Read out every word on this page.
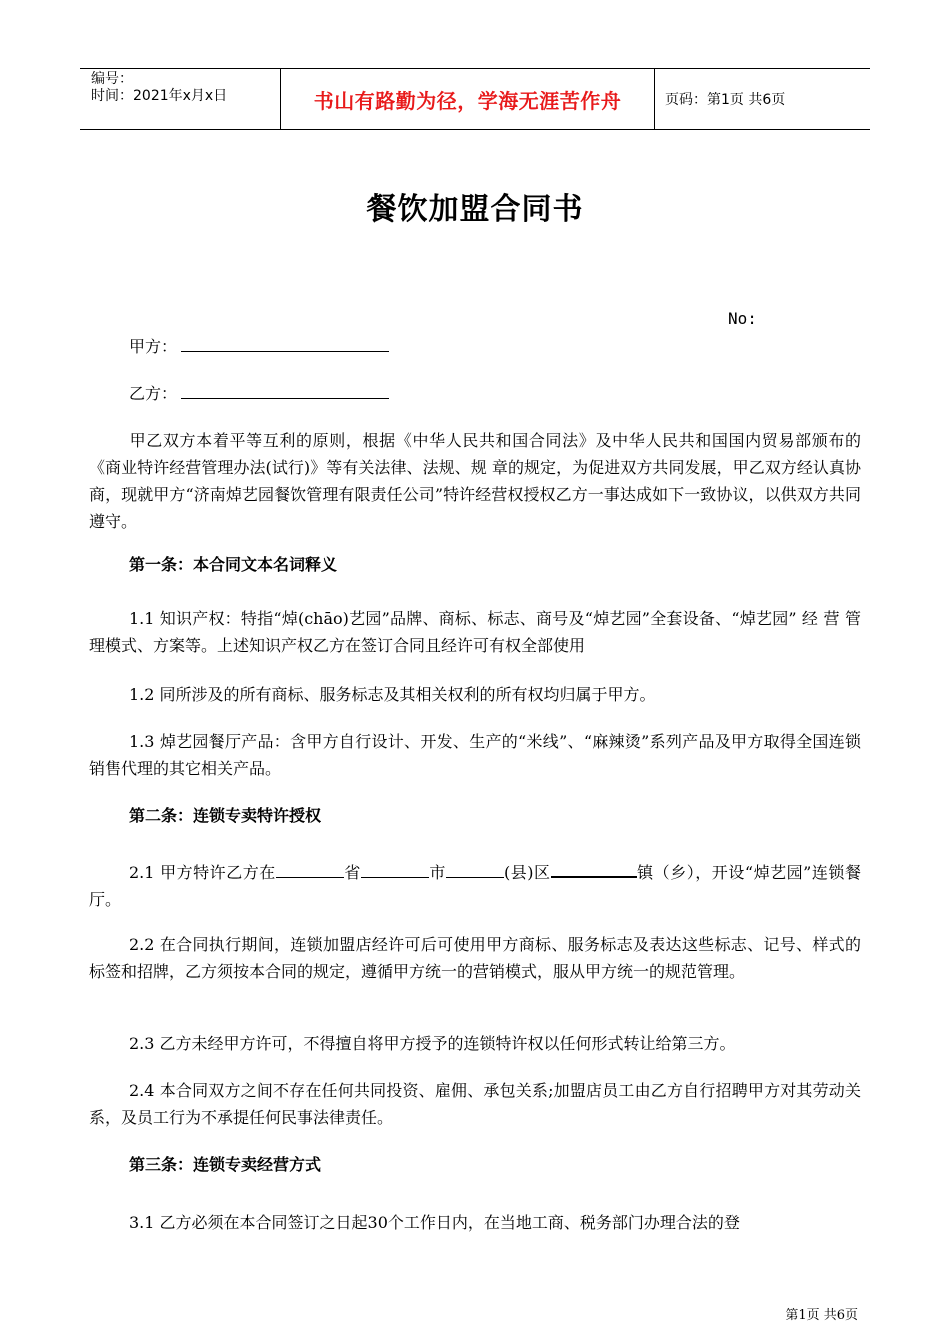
编号：
时间：2021年x月x日	书山有路勤为径，学海无涯苦作舟	页码：第1页 共6页
餐饮加盟合同书
No:
甲方：
乙方：
甲乙双方本着平等互利的原则，根据《中华人民共和国合同法》及中华人民共和国国内贸易部颁布的《商业特许经营管理办法(试行)》等有关法律、法规、规 章的规定，为促进双方共同发展，甲乙双方经认真协商，现就甲方“济南焯艺园餐饮管理有限责任公司”特许经营权授权乙方一事达成如下一致协议，以供双方共同遵守。
第一条：本合同文本名词释义
1.1 知识产权：特指“焯(chāo)艺园”品牌、商标、标志、商号及“焯艺园”全套设备、“焯艺园” 经 营 管理模式、方案等。上述知识产权乙方在签订合同且经许可有权全部使用
1.2 同所涉及的所有商标、服务标志及其相关权利的所有权均归属于甲方。
1.3 焯艺园餐厅产品：含甲方自行设计、开发、生产的“米线”、“麻辣烫”系列产品及甲方取得全国连锁销售代理的其它相关产品。
第二条：连锁专卖特许授权
2.1 甲方特许乙方在	省	市	(县)区	镇（乡），开设“焯艺园”连锁餐厅。
2.2 在合同执行期间，连锁加盟店经许可后可使用甲方商标、服务标志及表达这些标志、记号、样式的标签和招牌，乙方须按本合同的规定，遵循甲方统一的营销模式，服从甲方统一的规范管理。
2.3 乙方未经甲方许可，不得擅自将甲方授予的连锁特许权以任何形式转让给第三方。
2.4 本合同双方之间不存在任何共同投资、雇佣、承包关系;加盟店员工由乙方自行招聘甲方对其劳动关系，及员工行为不承提任何民事法律责任。
第三条：连锁专卖经营方式
3.1 乙方必须在本合同签订之日起30个工作日内，在当地工商、税务部门办理合法的登
第1页 共6页
